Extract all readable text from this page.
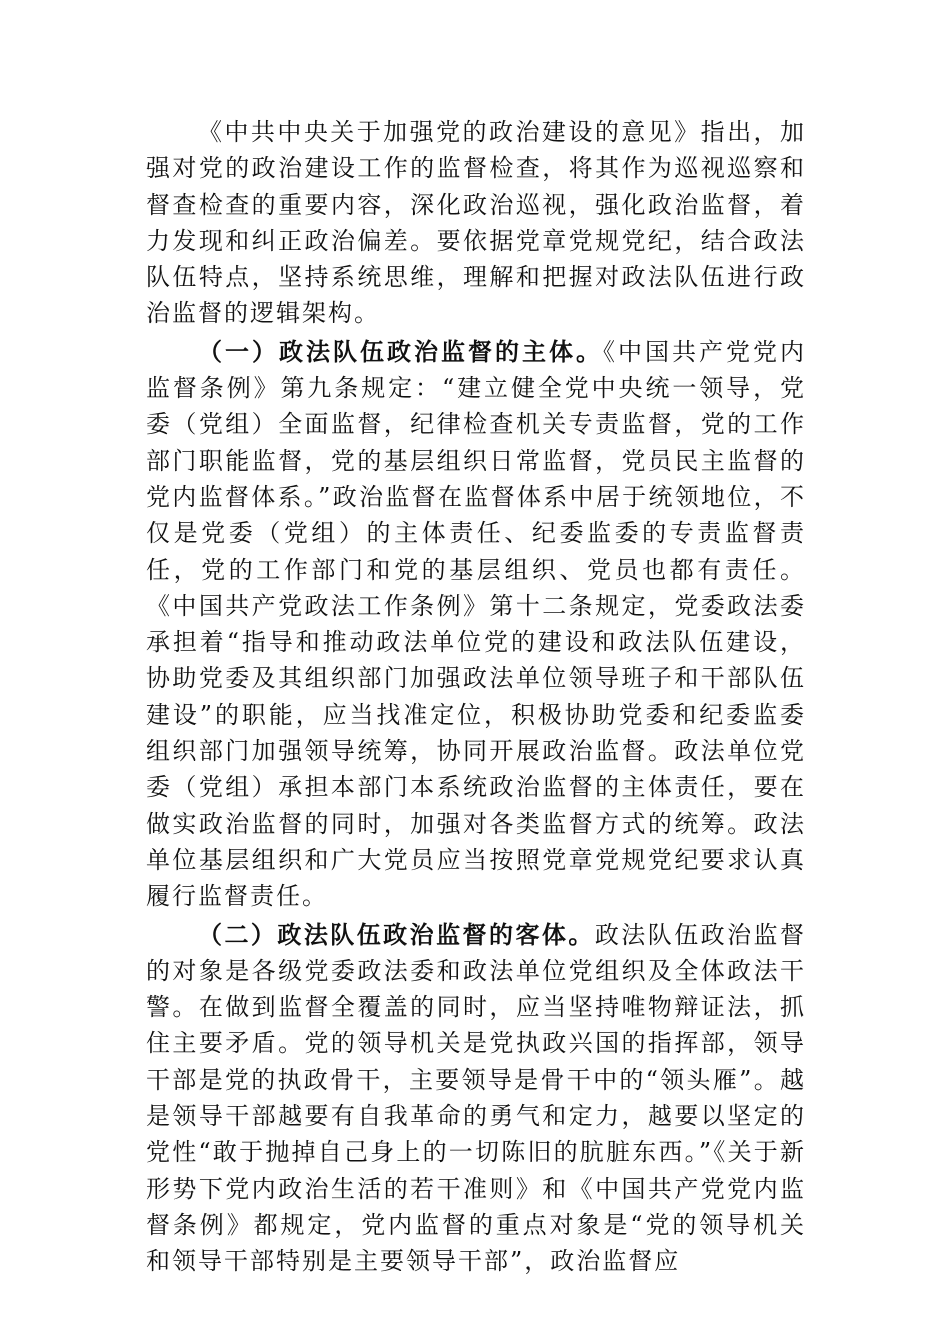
《中共中央关于加强党的政治建设的意见》指出，加强对党的政治建设工作的监督检查，将其作为巡视巡察和督查检查的重要内容，深化政治巡视，强化政治监督，着力发现和纠正政治偏差。要依据党章党规党纪，结合政法队伍特点，坚持系统思维，理解和把握对政法队伍进行政治监督的逻辑架构。

（一）政法队伍政治监督的主体。《中国共产党党内监督条例》第九条规定：“建立健全党中央统一领导，党委（党组）全面监督，纪律检查机关专责监督，党的工作部门职能监督，党的基层组织日常监督，党员民主监督的党内监督体系。”政治监督在监督体系中居于统领地位，不仅是党委（党组）的主体责任、纪委监委的专责监督责任，党的工作部门和党的基层组织、党员也都有责任。《中国共产党政法工作条例》第十二条规定，党委政法委承担着“指导和推动政法单位党的建设和政法队伍建设，协助党委及其组织部门加强政法单位领导班子和干部队伍建设”的职能，应当找准定位，积极协助党委和纪委监委组织部门加强领导统筹，协同开展政治监督。政法单位党委（党组）承担本部门本系统政治监督的主体责任，要在做实政治监督的同时，加强对各类监督方式的统筹。政法单位基层组织和广大党员应当按照党章党规党纪要求认真履行监督责任。

（二）政法队伍政治监督的客体。政法队伍政治监督的对象是各级党委政法委和政法单位党组织及全体政法干警。在做到监督全覆盖的同时，应当坚持唯物辩证法，抓住主要矛盾。党的领导机关是党执政兴国的指挥部，领导干部是党的执政骨干，主要领导是骨干中的“领头雁”。越是领导干部越要有自我革命的勇气和定力，越要以坚定的党性“敢于抛掉自己身上的一切陈旧的肮脏东西。”《关于新形势下党内政治生活的若干准则》和《中国共产党党内监督条例》都规定，党内监督的重点对象是“党的领导机关和领导干部特别是主要领导干部”，政治监督应
